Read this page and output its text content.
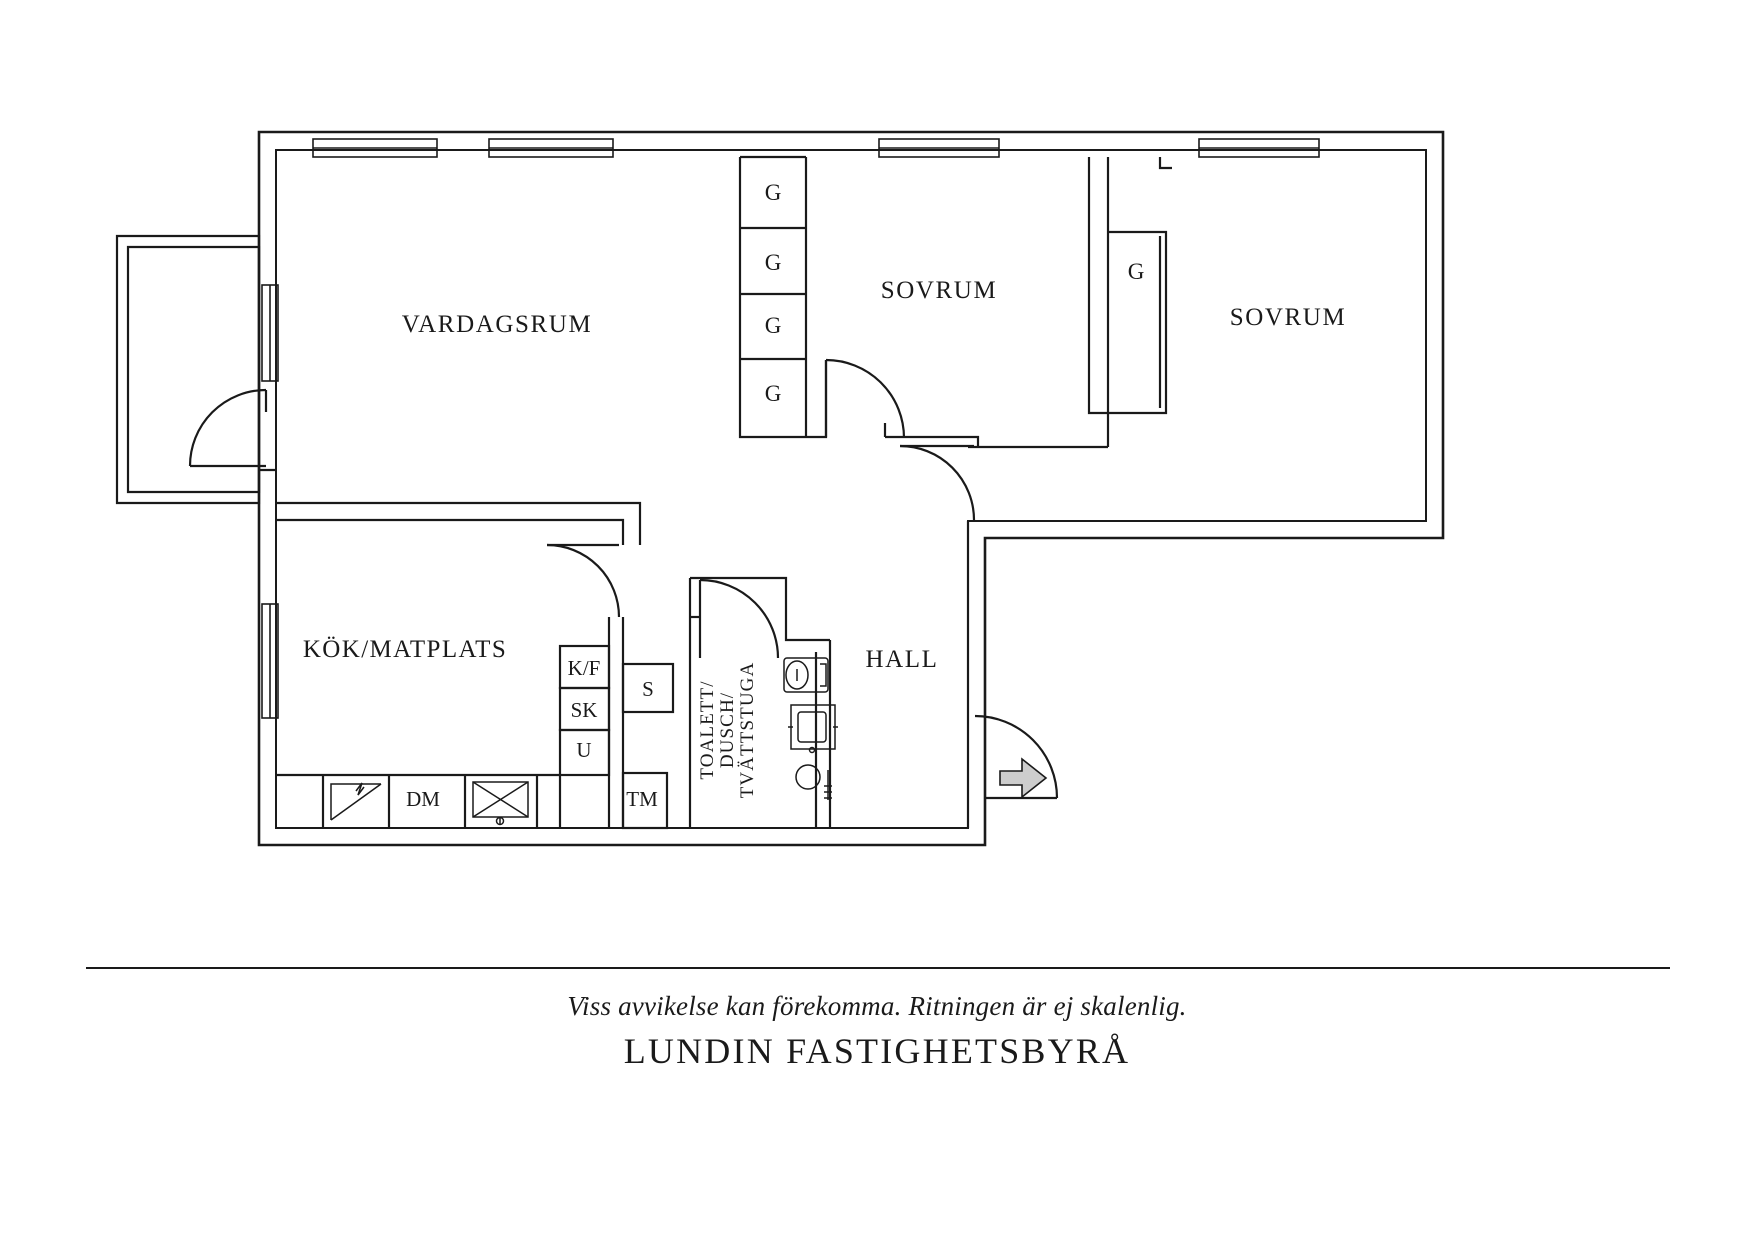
VARDAGSRUM
SOVRUM
SOVRUM
KÖK/MATPLATS	HALL
TOALETT/ DUSCH/ TVÄTTSTUGA
G
G
G
G
G
K/F
SK
U
S
TM
DM

Viss avvikelse kan förekomma. Ritningen är ej skalenlig.

LUNDIN FASTIGHETSBYRÅ
